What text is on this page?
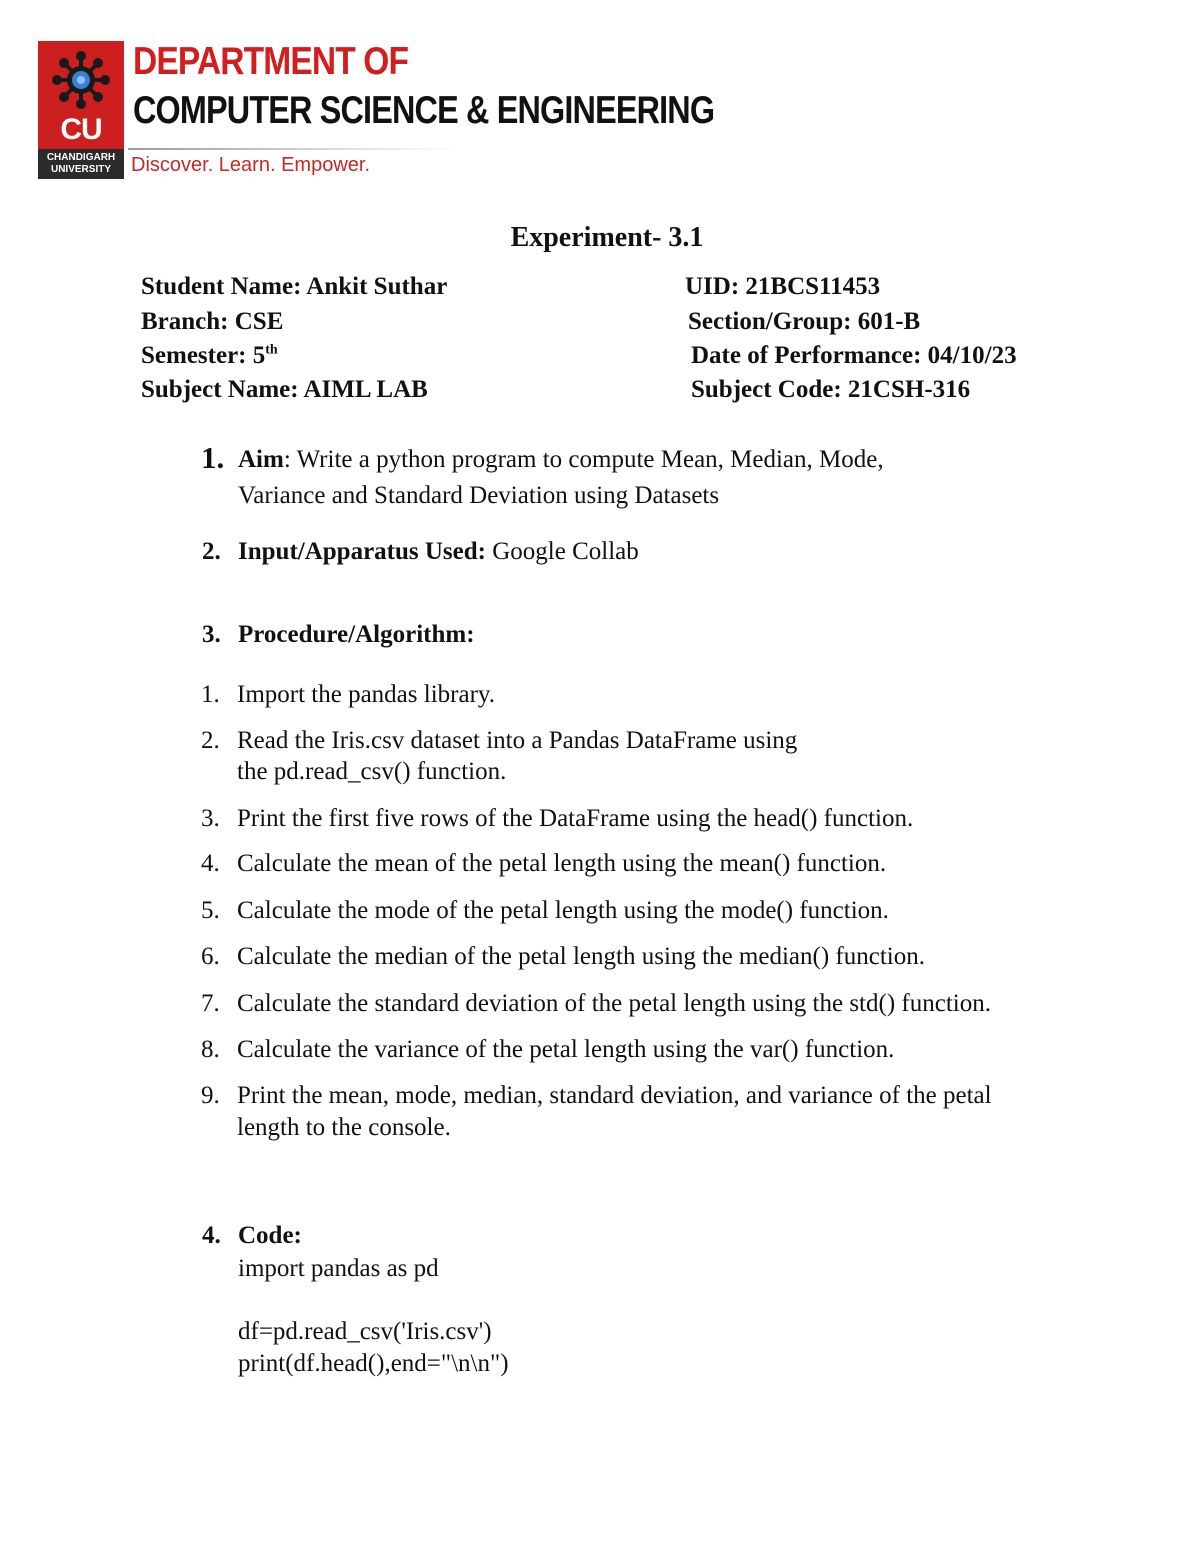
CU
CHANDIGARH
UNIVERSITY
DEPARTMENT OF
COMPUTER SCIENCE & ENGINEERING
Discover. Learn. Empower.
Experiment- 3.1
Student Name: Ankit Suthar	UID: 21BCS11453
Branch: CSE	Section/Group: 601-B
Semester: 5th	Date of Performance: 04/10/23
Subject Name: AIML LAB	Subject Code: 21CSH-316
1. Aim: Write a python program to compute Mean, Median, Mode,
Variance and Standard Deviation using Datasets
2. Input/Apparatus Used: Google Collab
3. Procedure/Algorithm:
1. Import the pandas library.
2. Read the Iris.csv dataset into a Pandas DataFrame using
the pd.read_csv() function.
3. Print the first five rows of the DataFrame using the head() function.
4. Calculate the mean of the petal length using the mean() function.
5. Calculate the mode of the petal length using the mode() function.
6. Calculate the median of the petal length using the median() function.
7. Calculate the standard deviation of the petal length using the std() function.
8. Calculate the variance of the petal length using the var() function.
9. Print the mean, mode, median, standard deviation, and variance of the petal
length to the console.
4. Code:
import pandas as pd
df=pd.read_csv('Iris.csv')
print(df.head(),end="\n\n")
